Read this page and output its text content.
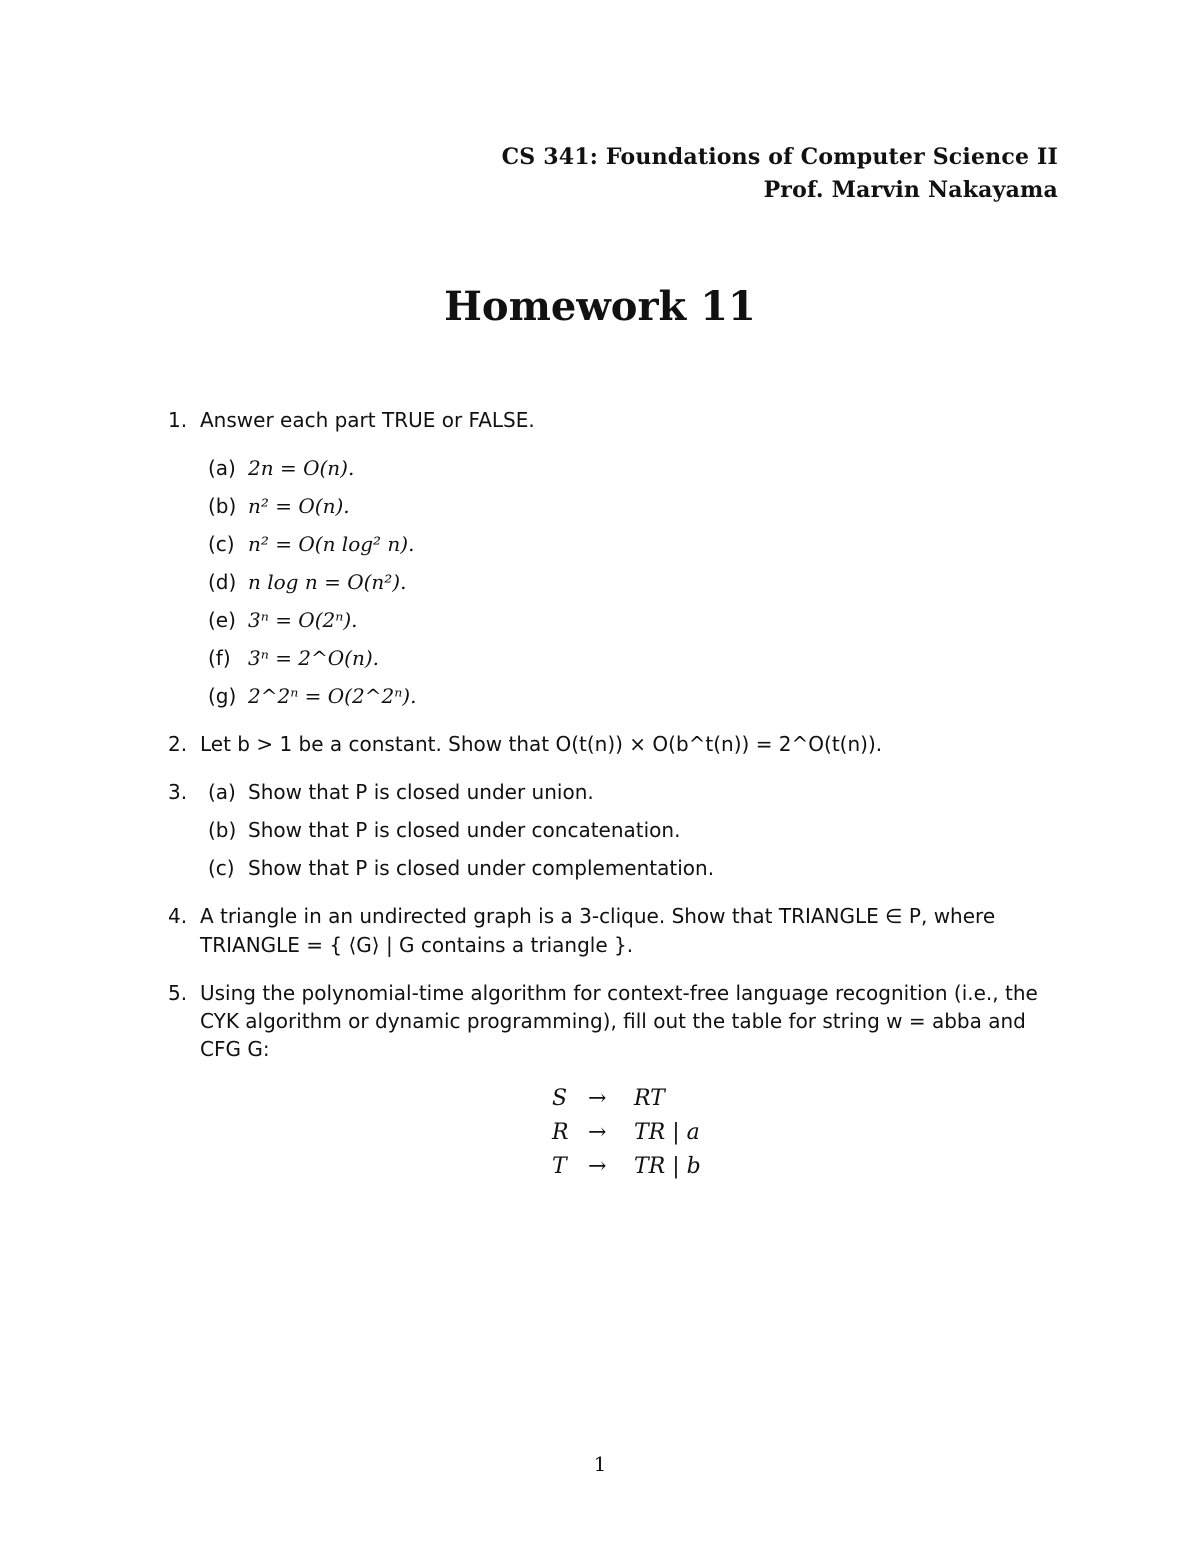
CS 341: Foundations of Computer Science II
Prof. Marvin Nakayama
Homework 11
1. Answer each part TRUE or FALSE.
(a) 2n = O(n).
(b) n² = O(n).
(c) n² = O(n log² n).
(d) n log n = O(n²).
(e) 3ⁿ = O(2ⁿ).
(f) 3ⁿ = 2^O(n).
(g) 2^2ⁿ = O(2^2ⁿ).
2. Let b > 1 be a constant. Show that O(t(n)) × O(b^t(n)) = 2^O(t(n)).
3. (a) Show that P is closed under union.
(b) Show that P is closed under concatenation.
(c) Show that P is closed under complementation.
4. A triangle in an undirected graph is a 3-clique. Show that TRIANGLE ∈ P, where
TRIANGLE = { ⟨G⟩ | G contains a triangle }.
5. Using the polynomial-time algorithm for context-free language recognition (i.e., the
CYK algorithm or dynamic programming), fill out the table for string w = abba and
CFG G:
S → RT
R → TR | a
T → TR | b
1
